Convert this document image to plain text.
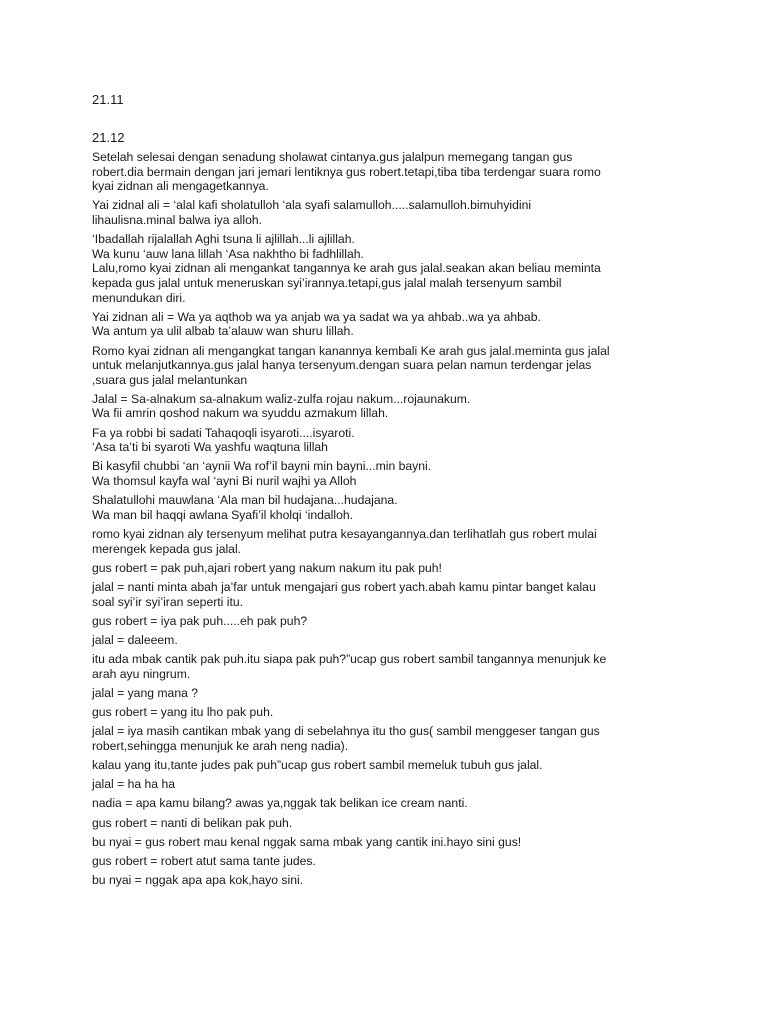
21.11

21.12

Setelah selesai dengan senadung sholawat cintanya.gus jalalpun memegang tangan gus
robert.dia bermain dengan jari jemari lentiknya gus robert.tetapi,tiba tiba terdengar suara romo
kyai zidnan ali mengagetkannya.

Yai zidnal ali = ‘alal kafi sholatulloh ‘ala syafi salamulloh.....salamulloh.bimuhyidini
lihaulisna.minal balwa iya alloh.

‘Ibadallah rijalallah Aghi tsuna li ajlillah...li ajlillah.
Wa kunu ‘auw lana lillah ‘Asa nakhtho bi fadhlillah.
Lalu,romo kyai zidnan ali mengankat tangannya ke arah gus jalal.seakan akan beliau meminta
kepada gus jalal untuk meneruskan syi’irannya.tetapi,gus jalal malah tersenyum sambil
menundukan diri.

Yai zidnan ali = Wa ya aqthob wa ya anjab wa ya sadat wa ya ahbab..wa ya ahbab.
Wa antum ya ulil albab ta’alauw wan shuru lillah.

Romo kyai zidnan ali mengangkat tangan kanannya kembali Ke arah gus jalal.meminta gus jalal
untuk melanjutkannya.gus jalal hanya tersenyum.dengan suara pelan namun terdengar jelas
,suara gus jalal melantunkan

Jalal = Sa-alnakum sa-alnakum waliz-zulfa rojau nakum...rojaunakum.
Wa fii amrin qoshod nakum wa syuddu azmakum lillah.

Fa ya robbi bi sadati Tahaqoqli isyaroti....isyaroti.
‘Asa ta’ti bi syaroti Wa yashfu waqtuna lillah

Bi kasyfil chubbi ‘an ‘aynii Wa rof’il bayni min bayni...min bayni.
Wa thomsul kayfa wal ‘ayni Bi nuril wajhi ya Alloh

Shalatullohi mauwlana ‘Ala man bil hudajana...hudajana.
Wa man bil haqqi awlana Syafi’il kholqi ‘indalloh.

romo kyai zidnan aly tersenyum melihat putra kesayangannya.dan terlihatlah gus robert mulai
merengek kepada gus jalal.

gus robert = pak puh,ajari robert yang nakum nakum itu pak puh!

jalal = nanti minta abah ja’far untuk mengajari gus robert yach.abah kamu pintar banget kalau
soal syi’ir syi’iran seperti itu.

gus robert = iya pak puh.....eh pak puh?

jalal = daleeem.

itu ada mbak cantik pak puh.itu siapa pak puh?”ucap gus robert sambil tangannya menunjuk ke
arah ayu ningrum.

jalal = yang mana ?

gus robert = yang itu lho pak puh.

jalal = iya masih cantikan mbak yang di sebelahnya itu tho gus( sambil menggeser tangan gus
robert,sehingga menunjuk ke arah neng nadia).

kalau yang itu,tante judes pak puh”ucap gus robert sambil memeluk tubuh gus jalal.

jalal = ha ha ha

nadia = apa kamu bilang? awas ya,nggak tak belikan ice cream nanti.

gus robert = nanti di belikan pak puh.

bu nyai = gus robert mau kenal nggak sama mbak yang cantik ini.hayo sini gus!

gus robert = robert atut sama tante judes.

bu nyai = nggak apa apa kok,hayo sini.
